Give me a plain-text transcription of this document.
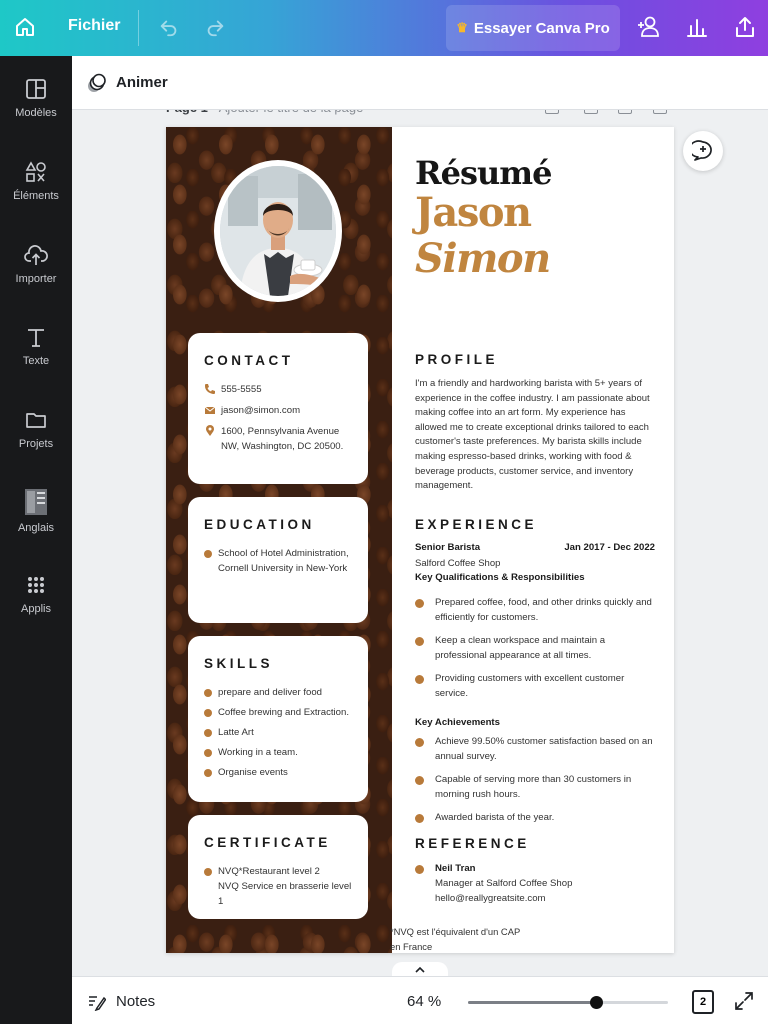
Fichier	♛ Essayer Canva Pro
Modèles
Éléments
Importer
Texte
Projets
Anglais
Applis
Animer
CONTACT
555-5555
jason@simon.com
1600, Pennsylvania Avenue NW, Washington, DC 20500.
EDUCATION
School of Hotel Administration, Cornell University in New-York
SKILLS
prepare and deliver food
Coffee brewing and Extraction.
Latte Art
Working in a team.
Organise events
CERTIFICATE
NVQ*Restaurant level 2
NVQ Service en brasserie level 1
Résumé
Jason
Simon
PROFILE

I'm a friendly and hardworking barista with 5+ years of experience in the coffee industry. I am passionate about making coffee into an art form. My experience has allowed me to create exceptional drinks tailored to each customer's taste preferences. My barista skills include making espresso-based drinks, working with food & beverage products, customer service, and inventory management.

EXPERIENCE
Senior Barista	Jan 2017 - Dec 2022
Salford Coffee Shop
Key Qualifications & Responsibilities
Prepared coffee, food, and other drinks quickly and efficiently for customers.
Keep a clean workspace and maintain a professional appearance at all times.
Providing customers with excellent customer service.
Key Achievements
Achieve 99.50% customer satisfaction based on an annual survey.
Capable of serving more than 30 customers in morning rush hours.
Awarded barista of the year.
REFERENCE
Neil Tran
Manager at Salford Coffee Shop
hello@reallygreatsite.com
*NVQ est l'équivalent d'un CAP
en France
Notes	64 %	2
